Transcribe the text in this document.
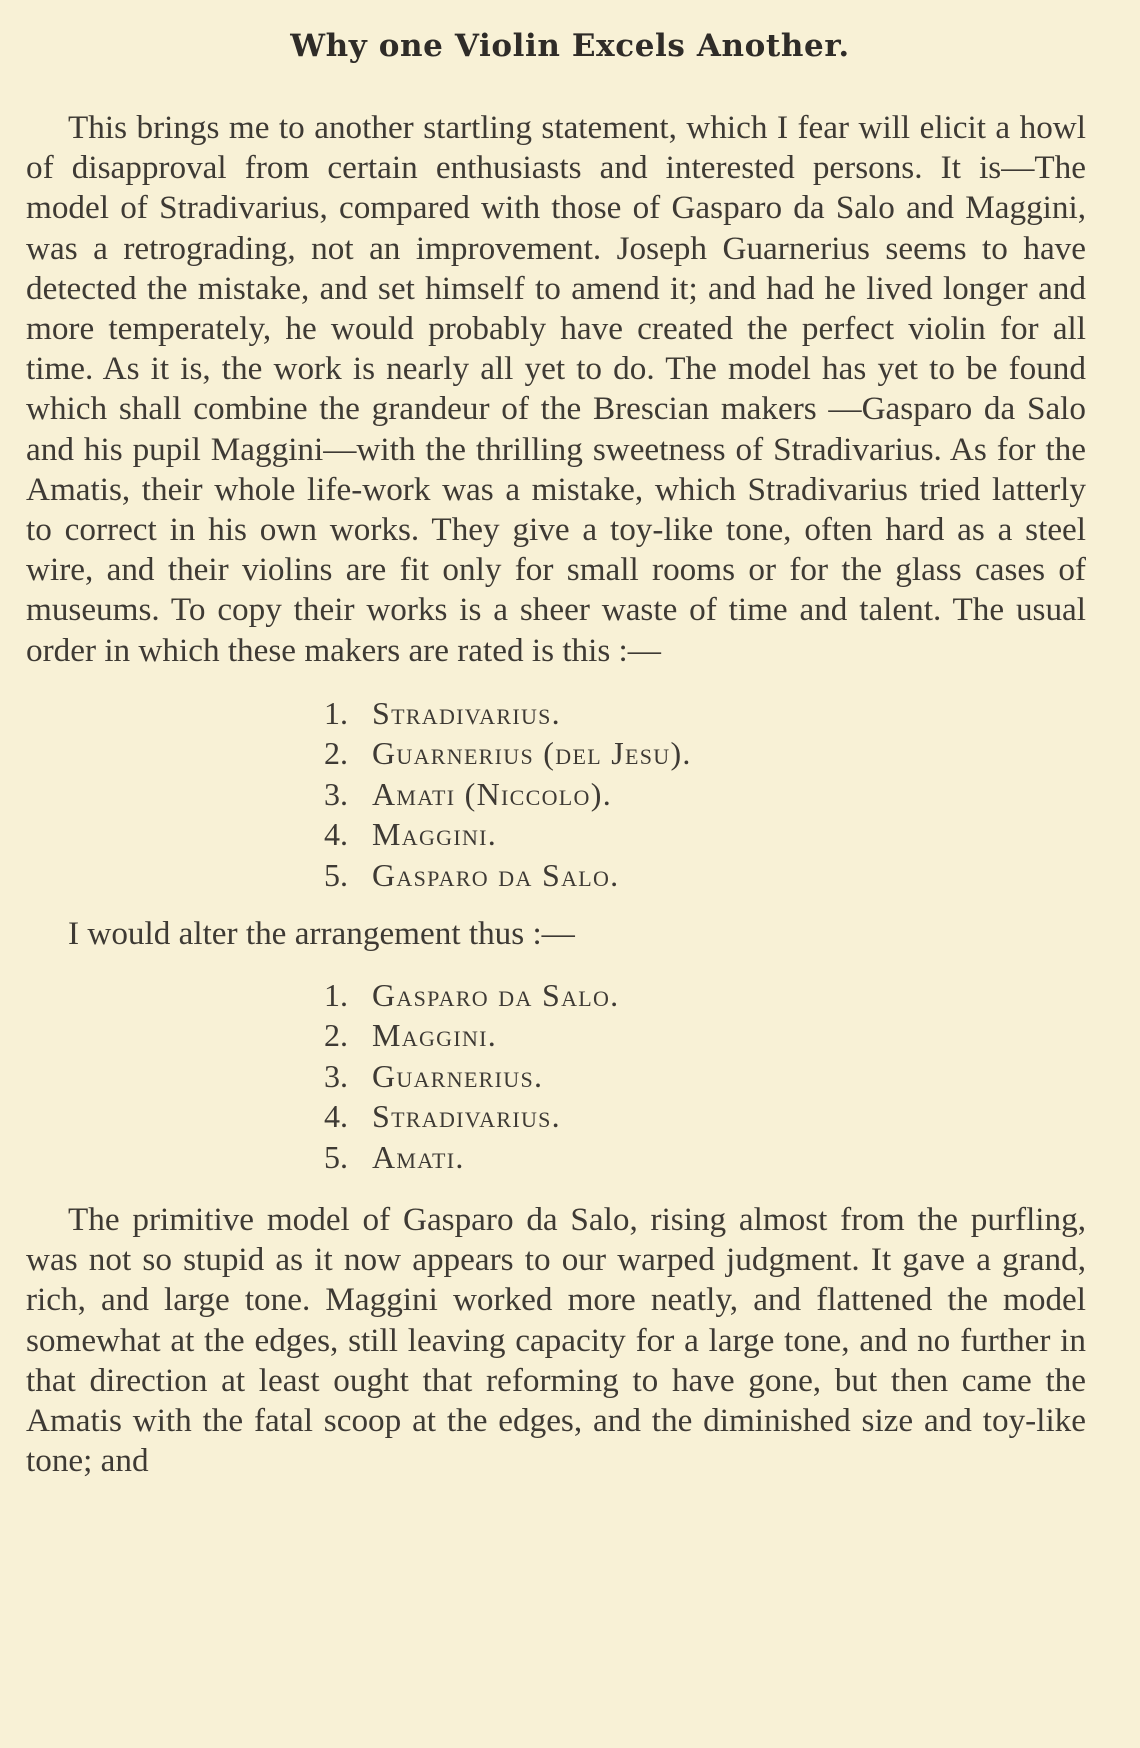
Why one Violin Excels Another.

This brings me to another startling statement, which I fear will elicit a howl of disapproval from certain enthusiasts and interested persons. It is—The model of Stradivarius, compared with those of Gasparo da Salo and Maggini, was a retrograding, not an improvement. Joseph Guarnerius seems to have detected the mistake, and set himself to amend it; and had he lived longer and more temperately, he would probably have created the perfect violin for all time. As it is, the work is nearly all yet to do. The model has yet to be found which shall combine the grandeur of the Brescian makers —Gasparo da Salo and his pupil Maggini—with the thrilling sweetness of Stradivarius. As for the Amatis, their whole life-work was a mistake, which Stradivarius tried latterly to correct in his own works. They give a toy-like tone, often hard as a steel wire, and their violins are fit only for small rooms or for the glass cases of museums. To copy their works is a sheer waste of time and talent. The usual order in which these makers are rated is this :—

1. Stradivarius.
2. Guarnerius (del Jesu).
3. Amati (Niccolo).
4. Maggini.
5. Gasparo da Salo.

I would alter the arrangement thus :—

1. Gasparo da Salo.
2. Maggini.
3. Guarnerius.
4. Stradivarius.
5. Amati.

The primitive model of Gasparo da Salo, rising almost from the purfling, was not so stupid as it now appears to our warped judgment. It gave a grand, rich, and large tone. Maggini worked more neatly, and flattened the model somewhat at the edges, still leaving capacity for a large tone, and no further in that direction at least ought that reforming to have gone, but then came the Amatis with the fatal scoop at the edges, and the diminished size and toy-like tone; and
